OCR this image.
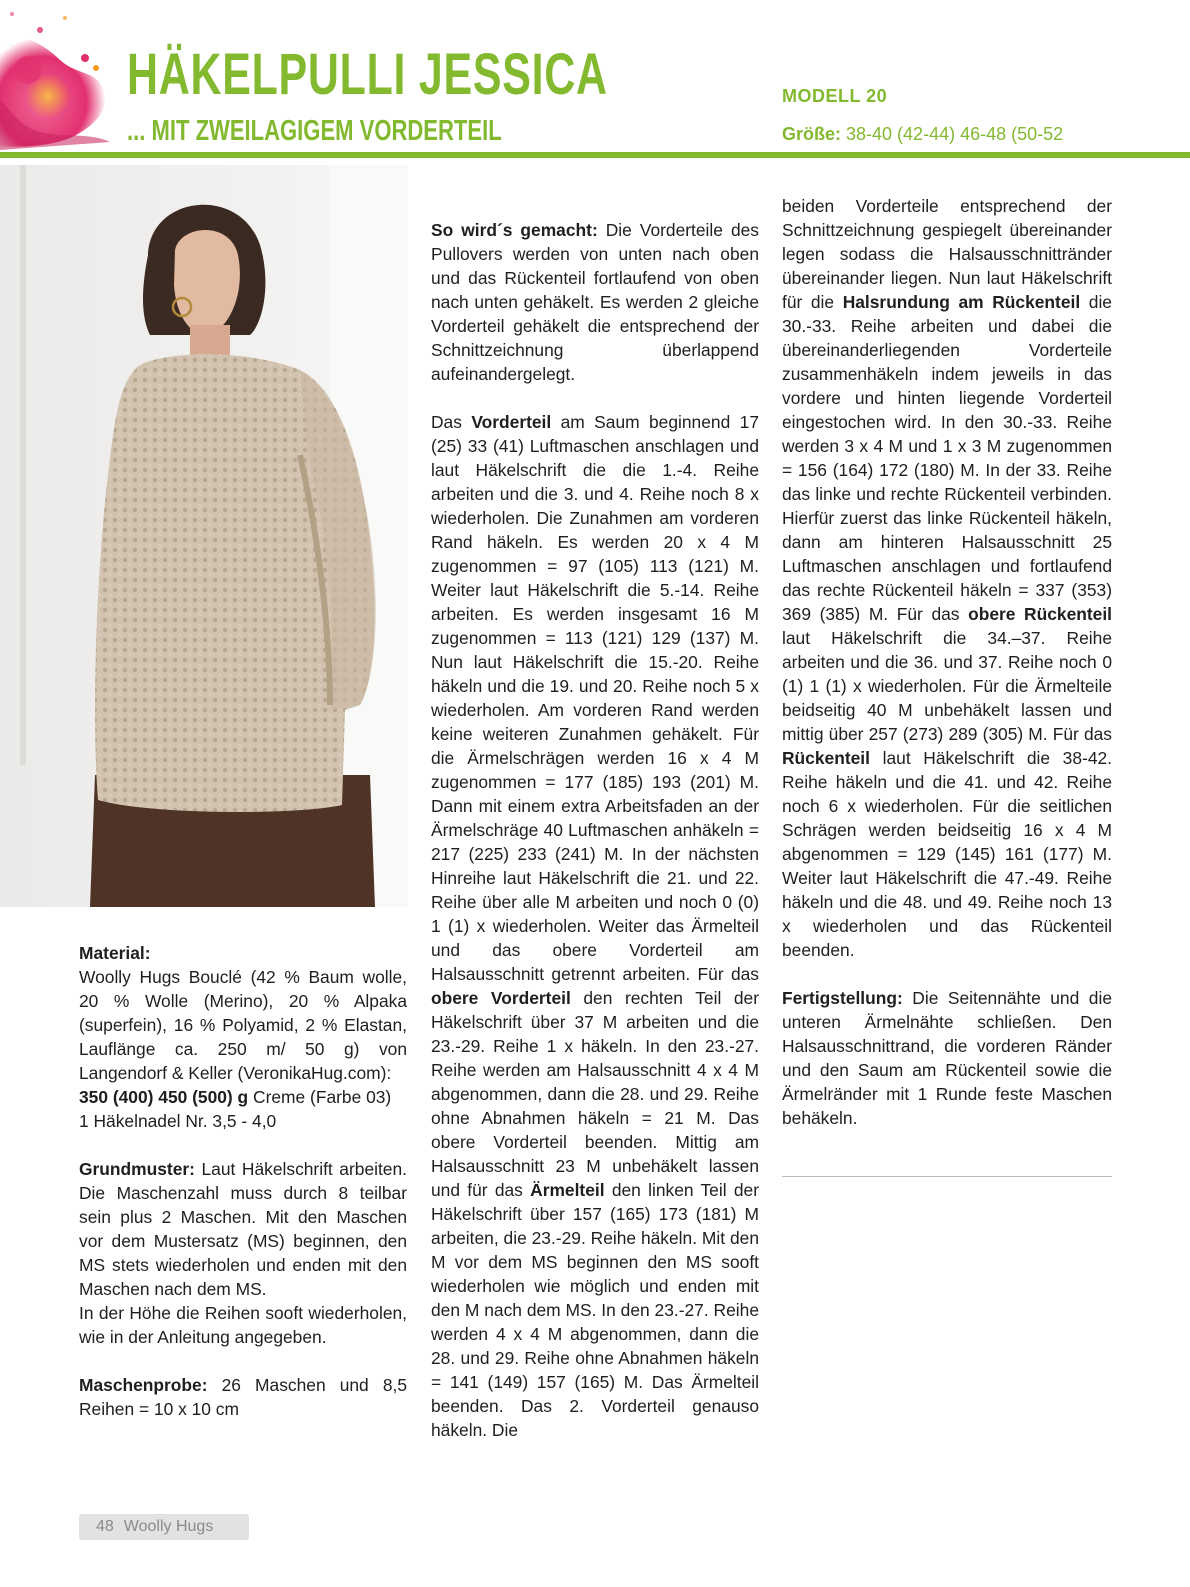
HÄKELPULLI JESSICA
... MIT ZWEILAGIGEM VORDERTEIL
MODELL 20
Größe: 38-40 (42-44) 46-48 (50-52

Material:
Woolly Hugs Bouclé (42 % Baum wolle, 20 % Wolle (Merino), 20 % Alpaka (superfein), 16 % Polyamid, 2 % Elastan, Lauflänge ca. 250 m/ 50 g) von Langendorf & Keller (VeronikaHug.com):
350 (400) 450 (500) g Creme (Farbe 03)
1 Häkelnadel Nr. 3,5 - 4,0

Grundmuster: Laut Häkelschrift arbeiten. Die Maschenzahl muss durch 8 teilbar sein plus 2 Maschen. Mit den Maschen vor dem Mustersatz (MS) beginnen, den MS stets wiederholen und enden mit den Maschen nach dem MS.
In der Höhe die Reihen sooft wiederholen, wie in der Anleitung angegeben.

Maschenprobe: 26 Maschen und 8,5 Reihen = 10 x 10 cm

So wird´s gemacht: Die Vorderteile des Pullovers werden von unten nach oben und das Rückenteil fortlaufend von oben nach unten gehäkelt. Es werden 2 gleiche Vorderteil gehäkelt die entsprechend der Schnittzeichnung überlappend aufeinandergelegt.

Das Vorderteil am Saum beginnend 17 (25) 33 (41) Luftmaschen anschlagen und laut Häkelschrift die die 1.-4. Reihe arbeiten und die 3. und 4. Reihe noch 8 x wiederholen. Die Zunahmen am vorderen Rand häkeln. Es werden 20 x 4 M zugenommen = 97 (105) 113 (121) M. Weiter laut Häkelschrift die 5.-14. Reihe arbeiten. Es werden insgesamt 16 M zugenommen = 113 (121) 129 (137) M. Nun laut Häkelschrift die 15.-20. Reihe häkeln und die 19. und 20. Reihe noch 5 x wiederholen. Am vorderen Rand werden keine weiteren Zunahmen gehäkelt. Für die Ärmelschrägen werden 16 x 4 M zugenommen = 177 (185) 193 (201) M. Dann mit einem extra Arbeitsfaden an der Ärmelschräge 40 Luftmaschen anhäkeln = 217 (225) 233 (241) M. In der nächsten Hinreihe laut Häkelschrift die 21. und 22. Reihe über alle M arbeiten und noch 0 (0) 1 (1) x wiederholen. Weiter das Ärmelteil und das obere Vorderteil am Halsausschnitt getrennt arbeiten. Für das obere Vorderteil den rechten Teil der Häkelschrift über 37 M arbeiten und die 23.-29. Reihe 1 x häkeln. In den 23.-27. Reihe werden am Halsausschnitt 4 x 4 M abgenommen, dann die 28. und 29. Reihe ohne Abnahmen häkeln = 21 M. Das obere Vorderteil beenden. Mittig am Halsausschnitt 23 M unbehäkelt lassen und für das Ärmelteil den linken Teil der Häkelschrift über 157 (165) 173 (181) M arbeiten, die 23.-29. Reihe häkeln. Mit den M vor dem MS beginnen den MS sooft wiederholen wie möglich und enden mit den M nach dem MS. In den 23.-27. Reihe werden 4 x 4 M abgenommen, dann die 28. und 29. Reihe ohne Abnahmen häkeln = 141 (149) 157 (165) M. Das Ärmelteil beenden. Das 2. Vorderteil genauso häkeln. Die

beiden Vorderteile entsprechend der Schnittzeichnung gespiegelt übereinander legen sodass die Halsausschnittränder übereinander liegen. Nun laut Häkelschrift für die Halsrundung am Rückenteil die 30.-33. Reihe arbeiten und dabei die übereinanderliegenden Vorderteile zusammenhäkeln indem jeweils in das vordere und hinten liegende Vorderteil eingestochen wird. In den 30.-33. Reihe werden 3 x 4 M und 1 x 3 M zugenommen = 156 (164) 172 (180) M. In der 33. Reihe das linke und rechte Rückenteil verbinden. Hierfür zuerst das linke Rückenteil häkeln, dann am hinteren Halsausschnitt 25 Luftmaschen anschlagen und fortlaufend das rechte Rückenteil häkeln = 337 (353) 369 (385) M. Für das obere Rückenteil laut Häkelschrift die 34.–37. Reihe arbeiten und die 36. und 37. Reihe noch 0 (1) 1 (1) x wiederholen. Für die Ärmelteile beidseitig 40 M unbehäkelt lassen und mittig über 257 (273) 289 (305) M. Für das Rückenteil laut Häkelschrift die 38-42. Reihe häkeln und die 41. und 42. Reihe noch 6 x wiederholen. Für die seitlichen Schrägen werden beidseitig 16 x 4 M abgenommen = 129 (145) 161 (177) M. Weiter laut Häkelschrift die 47.-49. Reihe häkeln und die 48. und 49. Reihe noch 13 x wiederholen und das Rückenteil beenden.

Fertigstellung: Die Seitennähte und die unteren Ärmelnähte schließen. Den Halsausschnittrand, die vorderen Ränder und den Saum am Rückenteil sowie die Ärmelränder mit 1 Runde feste Maschen behäkeln.

48 Woolly Hugs
